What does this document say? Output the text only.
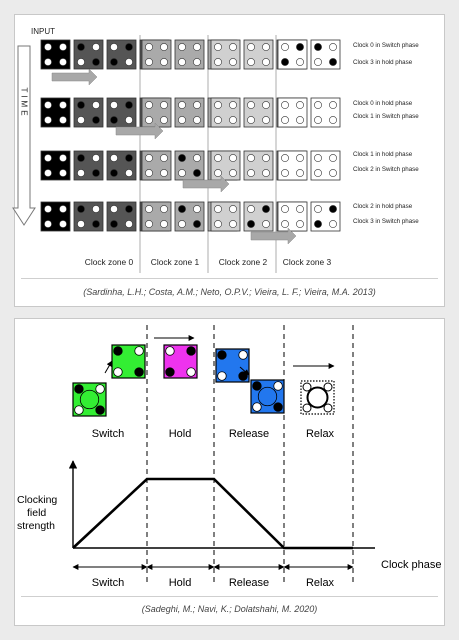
INPUT
TIME
Clock 0 in Switch phase
Clock 3 in hold phase
Clock 0 in hold phase
Clock 1 in Switch phase
Clock 1 in hold phase
Clock 2 in Switch phase
Clock 2 in hold phase
Clock 3 in Switch phase
Clock zone 0 Clock zone 1 Clock zone 2 Clock zone 3
(Sardinha, L.H.; Costa, A.M.; Neto, O.P.V.; Vieira, L. F.; Vieira, M.A. 2013)
Switch	Hold	Release	Relax
Clocking
field
strength
Clock phase
Switch	Hold	Release	Relax
(Sadeghi, M.; Navi, K.; Dolatshahi, M. 2020)
